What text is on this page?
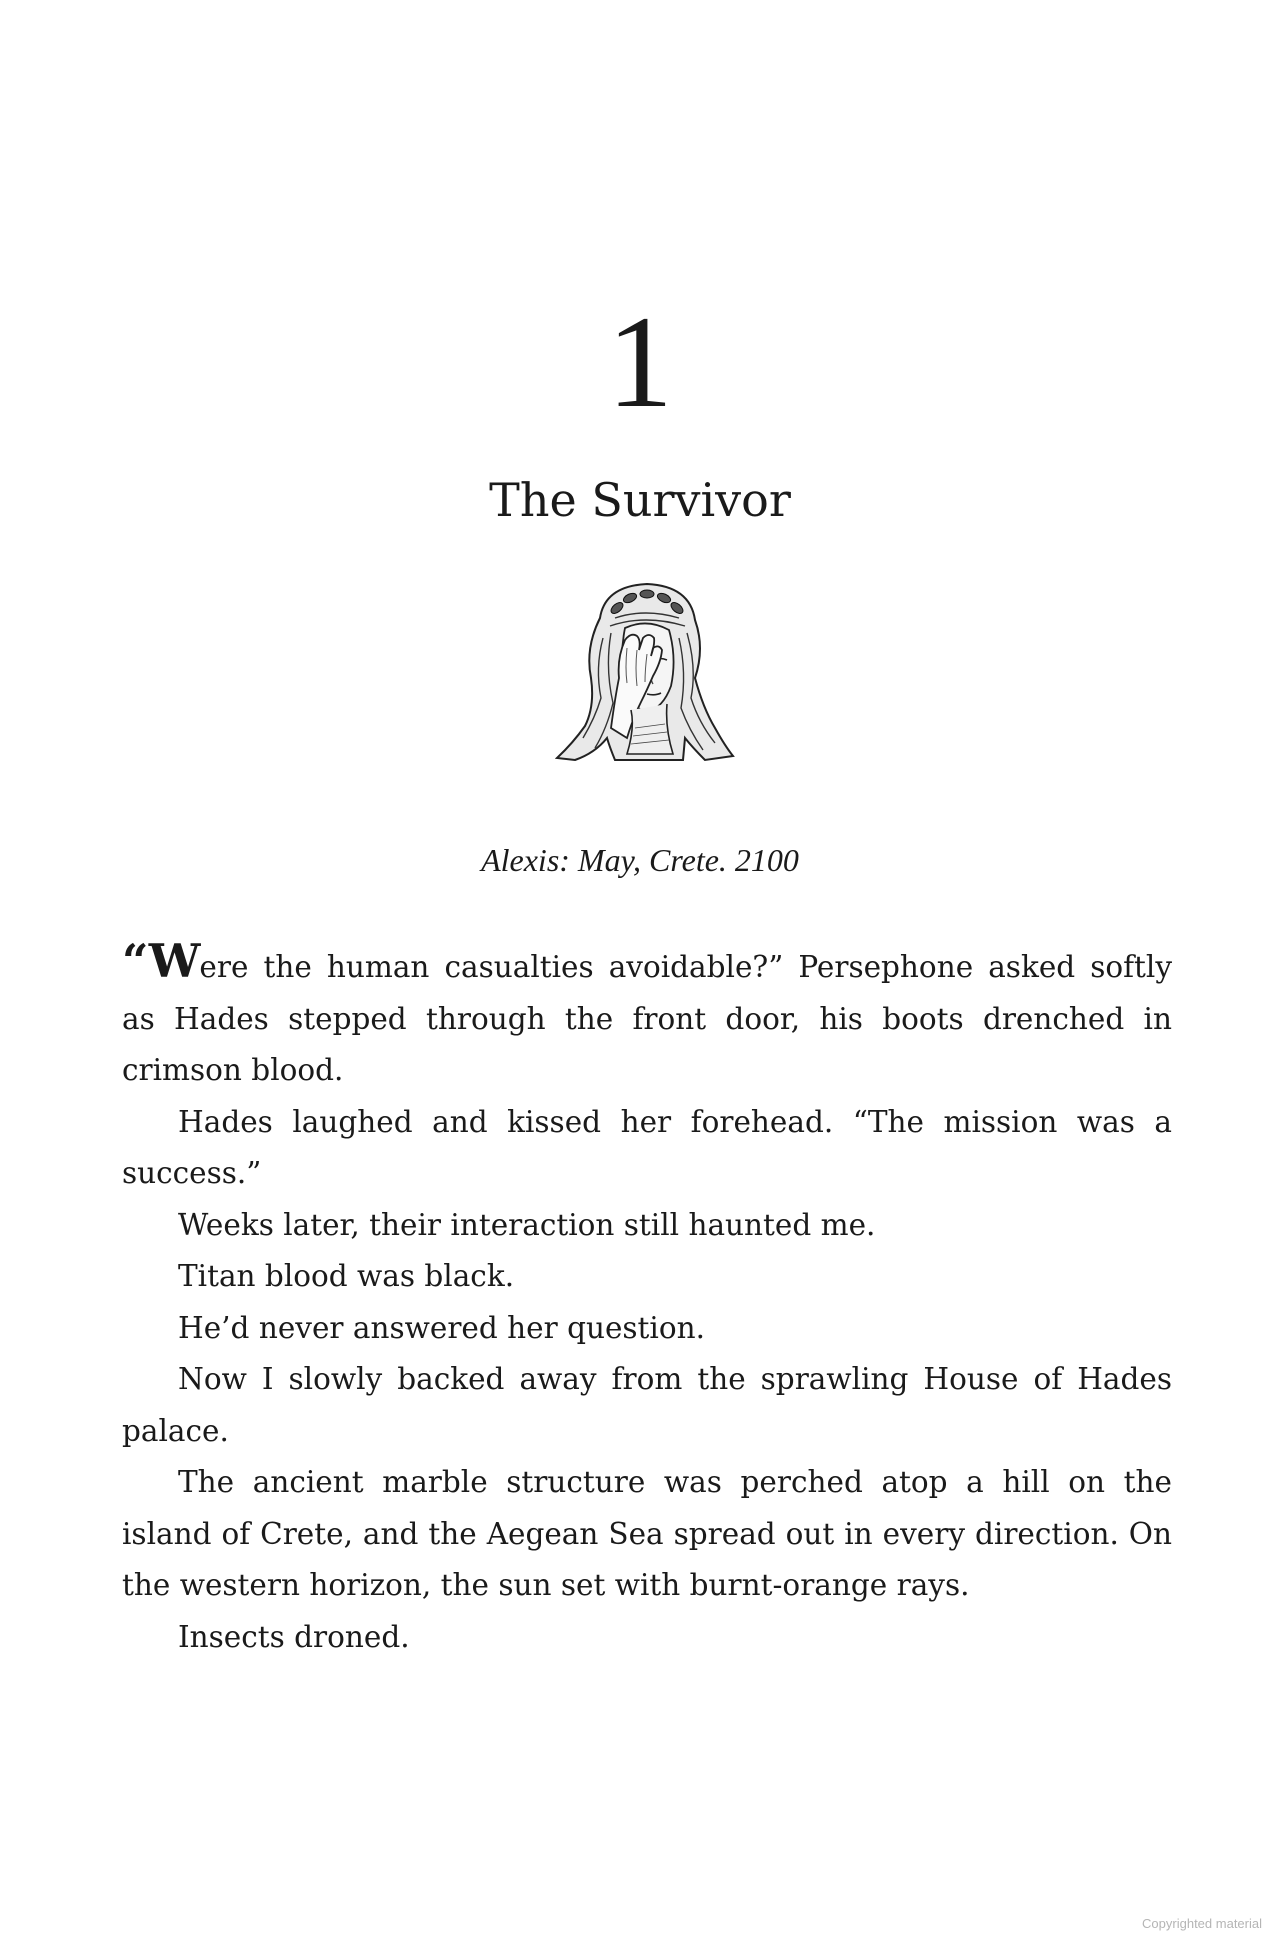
1
The Survivor
Alexis: May, Crete. 2100

“Were the human casualties avoidable?” Persephone asked softly as Hades stepped through the front door, his boots drenched in crimson blood.

Hades laughed and kissed her forehead. “The mission was a success.”

Weeks later, their interaction still haunted me.

Titan blood was black.

He’d never answered her question.

Now I slowly backed away from the sprawling House of Hades palace.

The ancient marble structure was perched atop a hill on the island of Crete, and the Aegean Sea spread out in every direction. On the western horizon, the sun set with burnt-orange rays.

Insects droned.

Copyrighted material
